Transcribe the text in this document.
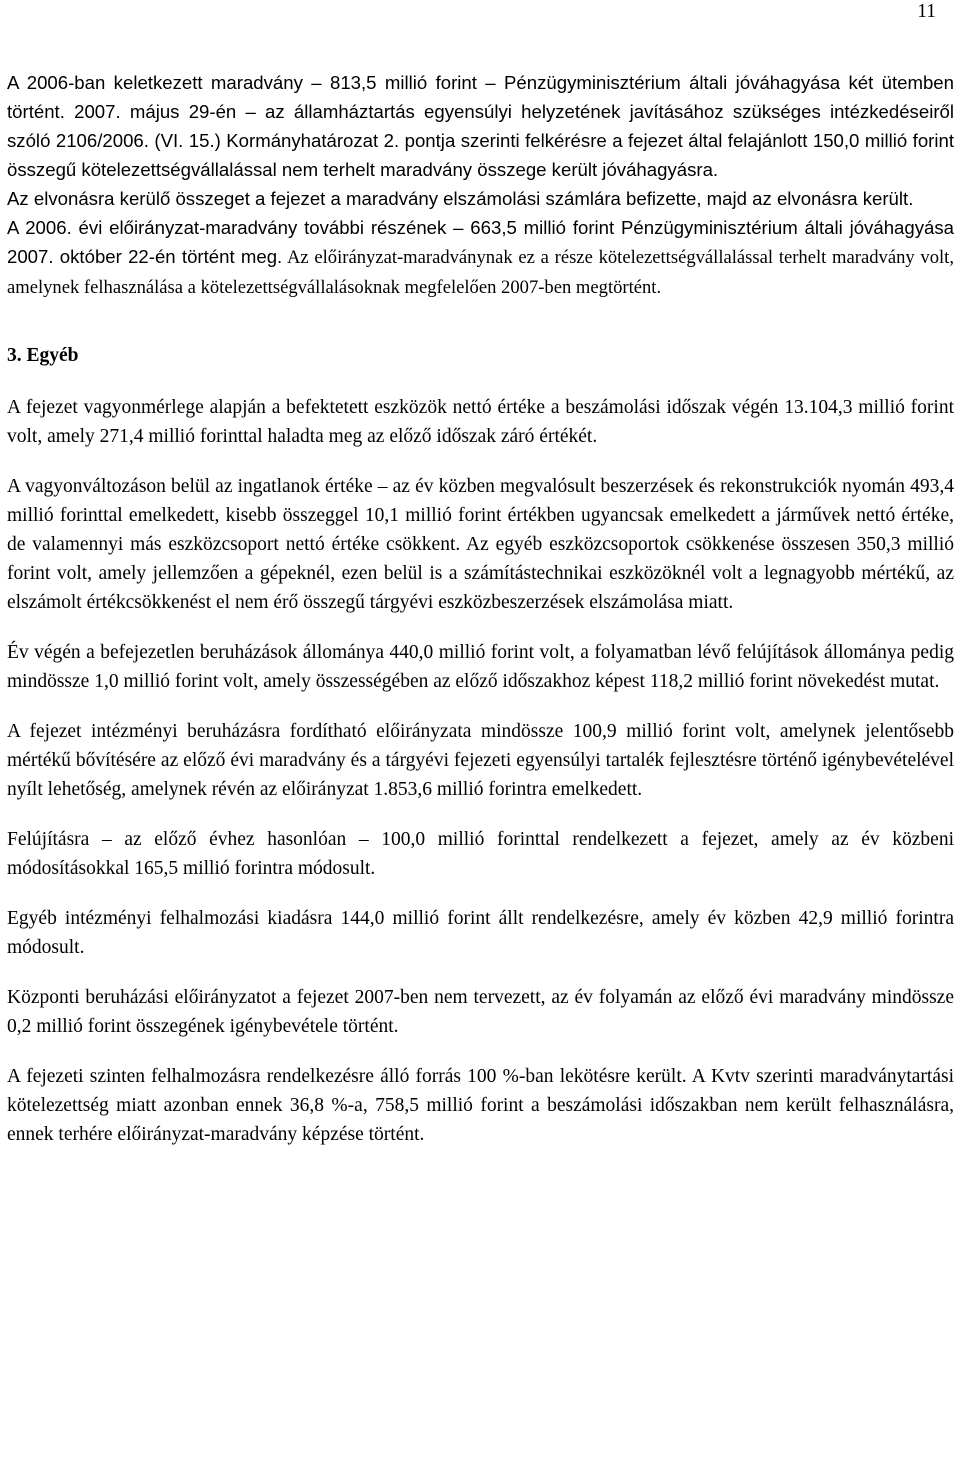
11

A 2006-ban keletkezett maradvány – 813,5 millió forint – Pénzügyminisztérium általi jóváhagyása két ütemben történt. 2007. május 29-én – az államháztartás egyensúlyi helyzetének javításához szükséges intézkedéseiről szóló 2106/2006. (VI. 15.) Kormányhatározat 2. pontja szerinti felkérésre a fejezet által felajánlott 150,0 millió forint összegű kötelezettségvállalással nem terhelt maradvány összege került jóváhagyásra.

Az elvonásra kerülő összeget a fejezet a maradvány elszámolási számlára befizette, majd az elvonásra került.

A 2006. évi előirányzat-maradvány további részének – 663,5 millió forint Pénzügyminisztérium általi jóváhagyása 2007. október 22-én történt meg. Az előirányzat-maradványnak ez a része kötelezettségvállalással terhelt maradvány volt, amelynek felhasználása a kötelezettségvállalásoknak megfelelően 2007-ben megtörtént.

3. Egyéb

A fejezet vagyonmérlege alapján a befektetett eszközök nettó értéke a beszámolási időszak végén 13.104,3 millió forint volt, amely 271,4 millió forinttal haladta meg az előző időszak záró értékét.

A vagyonváltozáson belül az ingatlanok értéke – az év közben megvalósult beszerzések és rekonstrukciók nyomán 493,4 millió forinttal emelkedett, kisebb összeggel 10,1 millió forint értékben ugyancsak emelkedett a járművek nettó értéke, de valamennyi más eszközcsoport nettó értéke csökkent. Az egyéb eszközcsoportok csökkenése összesen 350,3 millió forint volt, amely jellemzően a gépeknél, ezen belül is a számítástechnikai eszközöknél volt a legnagyobb mértékű, az elszámolt értékcsökkenést el nem érő összegű tárgyévi eszközbeszerzések elszámolása miatt.

Év végén a befejezetlen beruházások állománya 440,0 millió forint volt, a folyamatban lévő felújítások állománya pedig mindössze 1,0 millió forint volt, amely összességében az előző időszakhoz képest 118,2 millió forint növekedést mutat.

A fejezet intézményi beruházásra fordítható előirányzata mindössze 100,9 millió forint volt, amelynek jelentősebb mértékű bővítésére az előző évi maradvány és a tárgyévi fejezeti egyensúlyi tartalék fejlesztésre történő igénybevételével nyílt lehetőség, amelynek révén az előirányzat 1.853,6 millió forintra emelkedett.

Felújításra – az előző évhez hasonlóan – 100,0 millió forinttal rendelkezett a fejezet, amely az év közbeni módosításokkal 165,5 millió forintra módosult.

Egyéb intézményi felhalmozási kiadásra 144,0 millió forint állt rendelkezésre, amely év közben 42,9 millió forintra módosult.

Központi beruházási előirányzatot a fejezet 2007-ben nem tervezett, az év folyamán az előző évi maradvány mindössze 0,2 millió forint összegének igénybevétele történt.

A fejezeti szinten felhalmozásra rendelkezésre álló forrás 100 %-ban lekötésre került. A Kvtv szerinti maradványtartási kötelezettség miatt azonban ennek 36,8 %-a, 758,5 millió forint a beszámolási időszakban nem került felhasználásra, ennek terhére előirányzat-maradvány képzése történt.
